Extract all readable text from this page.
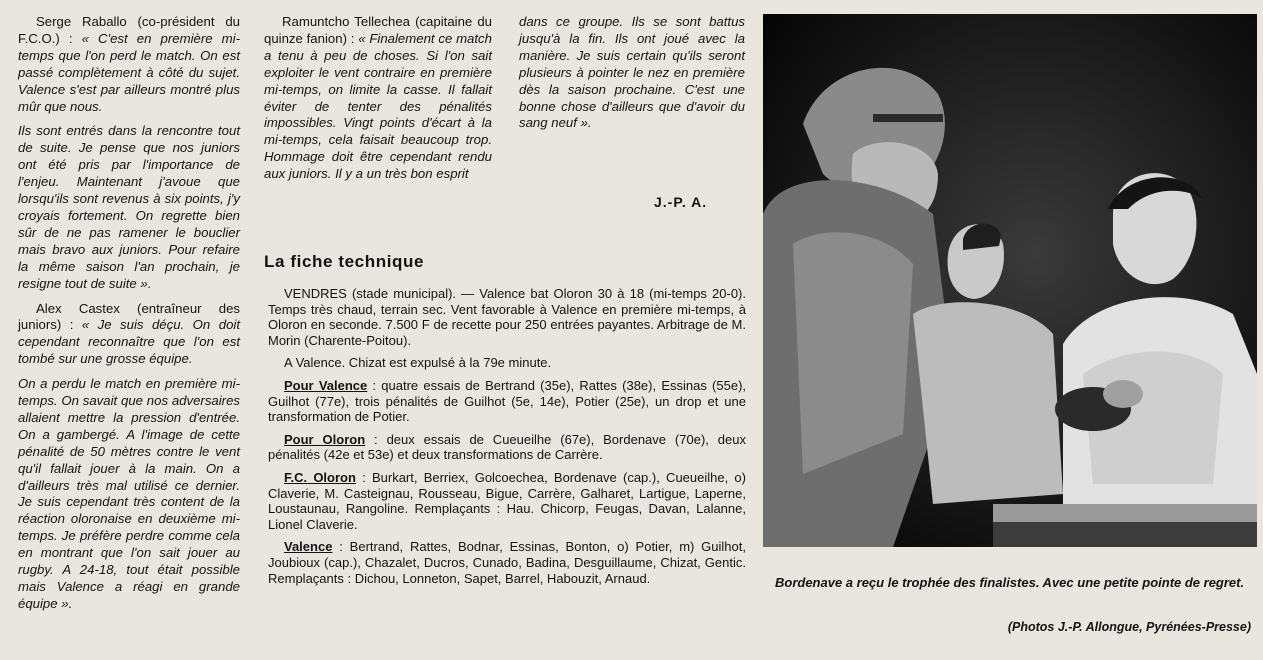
Serge Raballo (co-président du F.C.O.) : « C'est en première mi-temps que l'on perd le match. On est passé complètement à côté du sujet. Valence s'est par ailleurs montré plus mûr que nous.

Ils sont entrés dans la rencontre tout de suite. Je pense que nos juniors ont été pris par l'importance de l'enjeu. Maintenant j'avoue que lorsqu'ils sont revenus à six points, j'y croyais fortement. On regrette bien sûr de ne pas ramener le bouclier mais bravo aux juniors. Pour refaire la même saison l'an prochain, je resigne tout de suite ».

Alex Castex (entraîneur des juniors) : « Je suis déçu. On doit cependant reconnaître que l'on est tombé sur une grosse équipe.

On a perdu le match en première mi-temps. On savait que nos adversaires allaient mettre la pression d'entrée. On a gambergé. A l'image de cette pénalité de 50 mètres contre le vent qu'il fallait jouer à la main. On a d'ailleurs très mal utilisé ce dernier. Je suis cependant très content de la réaction oloronaise en deuxième mi-temps. Je préfère perdre comme cela en montrant que l'on sait jouer au rugby. A 24-18, tout était possible mais Valence a réagi en grande équipe ».

Ramuntcho Tellechea (capitaine du quinze fanion) : « Finalement ce match a tenu à peu de choses. Si l'on sait exploiter le vent contraire en première mi-temps, on limite la casse. Il fallait éviter de tenter des pénalités impossibles. Vingt points d'écart à la mi-temps, cela faisait beaucoup trop. Hommage doit être cependant rendu aux juniors. Il y a un très bon esprit

dans ce groupe. Ils se sont battus jusqu'à la fin. Ils ont joué avec la manière. Je suis certain qu'ils seront plusieurs à pointer le nez en première dès la saison prochaine. C'est une bonne chose d'ailleurs que d'avoir du sang neuf ».

J.-P. A.
La fiche technique

VENDRES (stade municipal). — Valence bat Oloron 30 à 18 (mi-temps 20-0). Temps très chaud, terrain sec. Vent favorable à Valence en première mi-temps, à Oloron en seconde. 7.500 F de recette pour 250 entrées payantes. Arbitrage de M. Morin (Charente-Poitou).

A Valence. Chizat est expulsé à la 79e minute.

Pour Valence : quatre essais de Bertrand (35e), Rattes (38e), Essinas (55e), Guilhot (77e), trois pénalités de Guilhot (5e, 14e), Potier (25e), un drop et une transformation de Potier.

Pour Oloron : deux essais de Cueueilhe (67e), Bordenave (70e), deux pénalités (42e et 53e) et deux transformations de Carrère.

F.C. Oloron : Burkart, Berriex, Golcoechea, Bordenave (cap.), Cueueilhe, o) Claverie, M. Casteignau, Rousseau, Bigue, Carrère, Galharet, Lartigue, Laperne, Loustaunau, Rangoline. Remplaçants : Hau. Chicorp, Feugas, Davan, Lalanne, Lionel Claverie.

Valence : Bertrand, Rattes, Bodnar, Essinas, Bonton, o) Potier, m) Guilhot, Joubioux (cap.), Chazalet, Ducros, Cunado, Badina, Desguillaume, Chizat, Gentic. Remplaçants : Dichou, Lonneton, Sapet, Barrel, Habouzit, Arnaud.	Bordenave a reçu le trophée des finalistes. Avec une petite pointe de regret.
(Photos J.-P. Allongue, Pyrénées-Presse)
